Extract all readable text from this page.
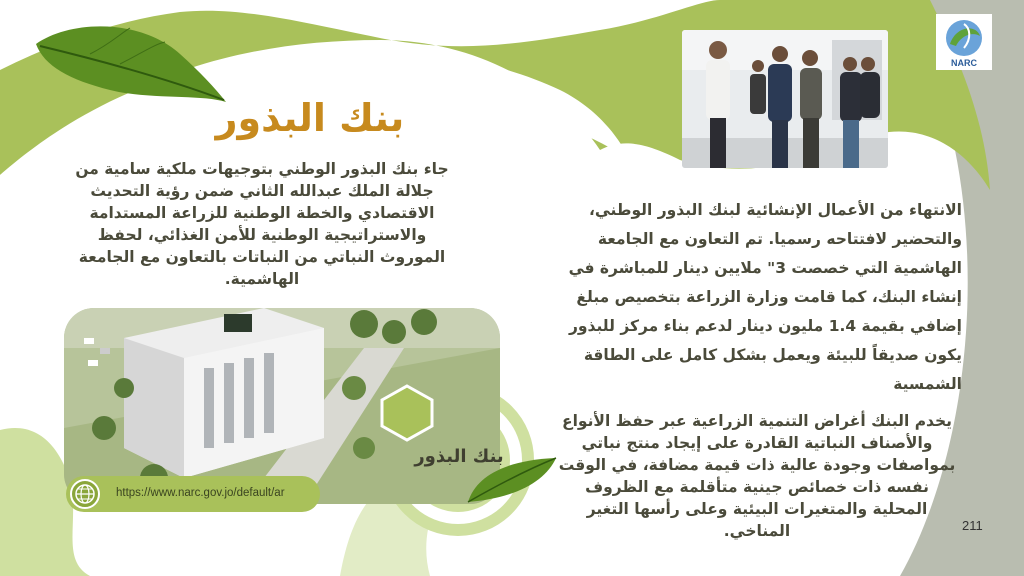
بنك البذور
جاء بنك البذور الوطني بتوجيهات ملكية سامية من جلالة الملك عبدالله الثاني ضمن رؤية التحديث الاقتصادي والخطة الوطنية للزراعة المستدامة والاستراتيجية الوطنية للأمن الغذائي، لحفظ الموروث النباتي من النباتات بالتعاون مع الجامعة الهاشمية.
NARC
الانتهاء من الأعمال الإنشائية لبنك البذور الوطني، والتحضير لافتتاحه رسميا. تم التعاون مع الجامعة الهاشمية التي خصصت 3" ملايين دينار للمباشرة في إنشاء البنك، كما قامت وزارة الزراعة بتخصيص مبلغ إضافي بقيمة 1.4 مليون دينار لدعم بناء مركز للبذور يكون صديقاً للبيئة ويعمل بشكل كامل على الطاقة الشمسية
يخدم البنك أغراض التنمية الزراعية عبر حفظ الأنواع والأصناف النباتية القادرة على إيجاد منتج نباتي بمواصفات وجودة عالية ذات قيمة مضافة، في الوقت نفسه ذات خصائص جينية متأقلمة مع الظروف المحلية والمتغيرات البيئية وعلى رأسها التغير المناخي.
بنك البذور
https://www.narc.gov.jo/default/ar
211
